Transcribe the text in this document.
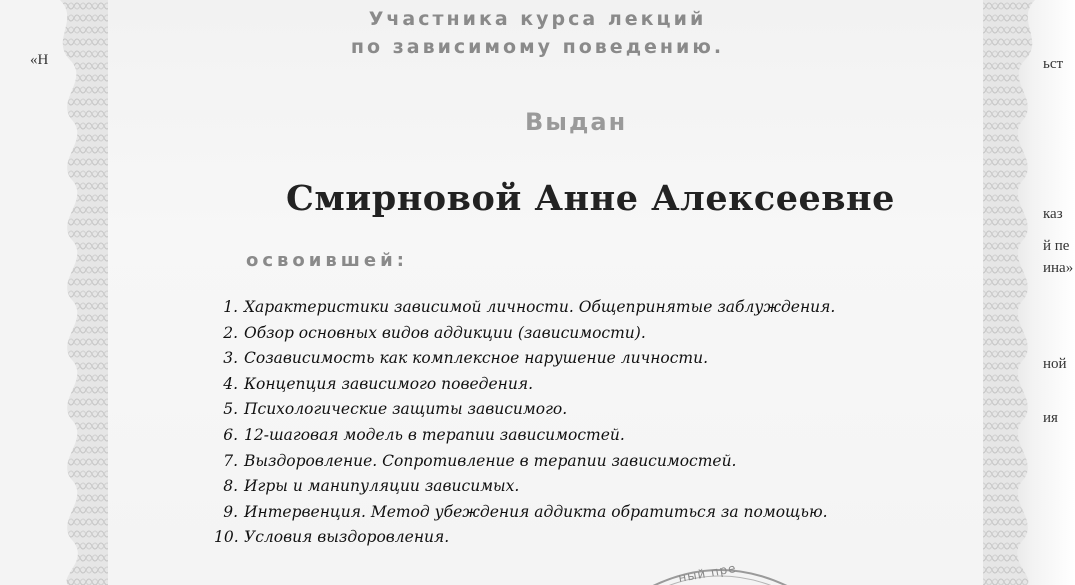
«Н	ьст
каз
й пе
ина»
ной
ия
Участника курса лекций
по зависимому поведению.
Выдан
Смирновой Анне Алексеевне
освоившей:
1. Характеристики зависимой личности. Общепринятые заблуждения.
2. Обзор основных видов аддикции (зависимости).
3. Созависимость как комплексное нарушение личности.
4. Концепция зависимого поведения.
5. Психологические защиты зависимого.
6. 12-шаговая модель в терапии зависимостей.
7. Выздоровление. Сопротивление в терапии зависимостей.
8. Игры и манипуляции зависимых.
9. Интервенция. Метод убеждения аддикта обратиться за помощью.
10. Условия выздоровления.
ный пре
